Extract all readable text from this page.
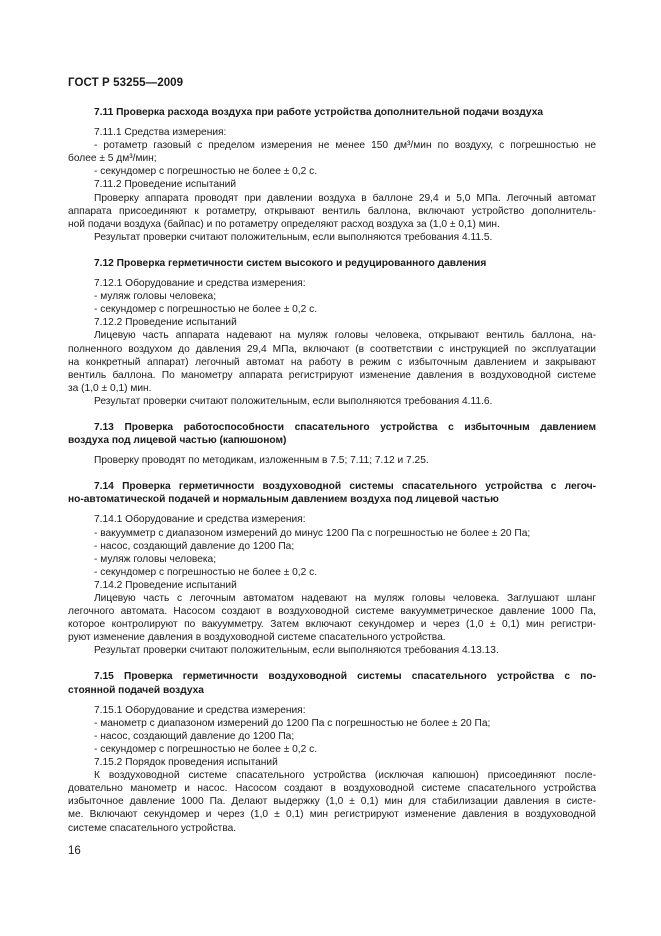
ГОСТ Р 53255—2009

7.11 Проверка расхода воздуха при работе устройства дополнительной подачи воздуха

7.11.1 Средства измерения:

- ротаметр газовый с пределом измерения не менее 150 дм³/мин по воздуху, с погрешностью не

более ± 5 дм³/мин;

- секундомер с погрешностью не более ± 0,2 с.

7.11.2 Проведение испытаний

Проверку аппарата проводят при давлении воздуха в баллоне 29,4 и 5,0 МПа. Легочный автомат

аппарата присоединяют к ротаметру, открывают вентиль баллона, включают устройство дополнитель-

ной подачи воздуха (байпас) и по ротаметру определяют расход воздуха за (1,0 ± 0,1) мин.

Результат проверки считают положительным, если выполняются требования 4.11.5.

7.12 Проверка герметичности систем высокого и редуцированного давления

7.12.1 Оборудование и средства измерения:

- муляж головы человека;

- секундомер с погрешностью не более ± 0,2 с.

7.12.2 Проведение испытаний

Лицевую часть аппарата надевают на муляж головы человека, открывают вентиль баллона, на-

полненного воздухом до давления 29,4 МПа, включают (в соответствии с инструкцией по эксплуатации

на конкретный аппарат) легочный автомат на работу в режим с избыточным давлением и закрывают

вентиль баллона. По манометру аппарата регистрируют изменение давления в воздуховодной системе

за (1,0 ± 0,1) мин.

Результат проверки считают положительным, если выполняются требования 4.11.6.

7.13 Проверка работоспособности спасательного устройства с избыточным давлением

воздуха под лицевой частью (капюшоном)

Проверку проводят по методикам, изложенным в 7.5; 7.11; 7.12 и 7.25.

7.14 Проверка герметичности воздуховодной системы спасательного устройства с легоч-

но-автоматической подачей и нормальным давлением воздуха под лицевой частью

7.14.1 Оборудование и средства измерения:

- вакуумметр с диапазоном измерений до минус 1200 Па с погрешностью не более ± 20 Па;

- насос, создающий давление до 1200 Па;

- муляж головы человека;

- секундомер с погрешностью не более ± 0,2 с.

7.14.2 Проведение испытаний

Лицевую часть с легочным автоматом надевают на муляж головы человека. Заглушают шланг

легочного автомата. Насосом создают в воздуховодной системе вакуумметрическое давление 1000 Па,

которое контролируют по вакуумметру. Затем включают секундомер и через (1,0 ± 0,1) мин регистри-

руют изменение давления в воздуховодной системе спасательного устройства.

Результат проверки считают положительным, если выполняются требования 4.13.13.

7.15 Проверка герметичности воздуховодной системы спасательного устройства с по-

стоянной подачей воздуха

7.15.1 Оборудование и средства измерения:

- манометр с диапазоном измерений до 1200 Па с погрешностью не более ± 20 Па;

- насос, создающий давление до 1200 Па;

- секундомер с погрешностью не более ± 0,2 с.

7.15.2 Порядок проведения испытаний

К воздуховодной системе спасательного устройства (исключая капюшон) присоединяют после-

довательно манометр и насос. Насосом создают в воздуховодной системе спасательного устройства

избыточное давление 1000 Па. Делают выдержку (1,0 ± 0,1) мин для стабилизации давления в систе-

ме. Включают секундомер и через (1,0 ± 0,1) мин регистрируют изменение давления в воздуховодной

системе спасательного устройства.

16
